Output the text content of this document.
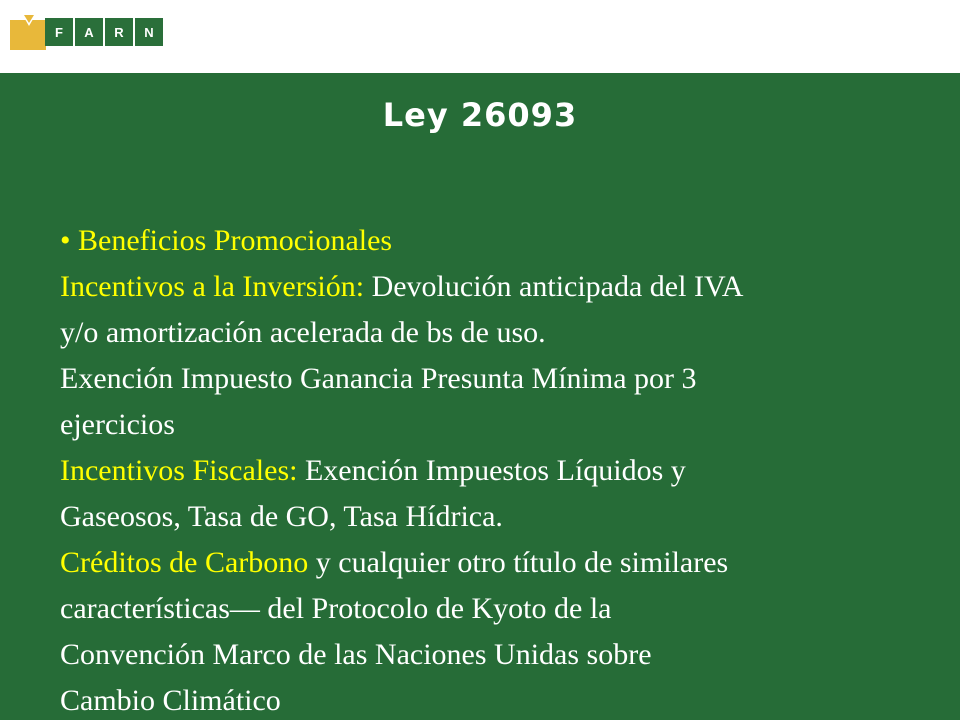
F	A	R	N
Ley 26093
• Beneficios Promocionales
Incentivos a la Inversión: Devolución anticipada del IVA
y/o amortización acelerada de bs de uso.
Exención Impuesto Ganancia Presunta Mínima por 3
ejercicios
Incentivos Fiscales: Exención Impuestos Líquidos y
Gaseosos, Tasa de GO, Tasa Hídrica.
Créditos de Carbono y cualquier otro título de similares
características— del Protocolo de Kyoto de la
Convención Marco de las Naciones Unidas sobre
Cambio Climático
